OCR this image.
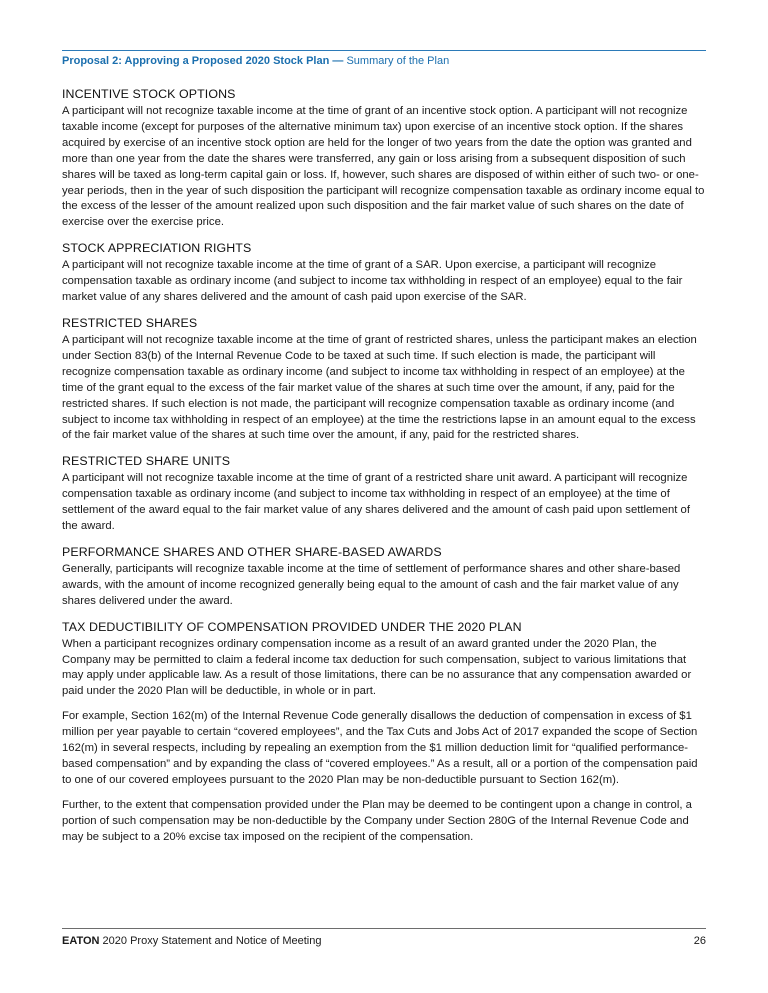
Proposal 2: Approving a Proposed 2020 Stock Plan — Summary of the Plan
INCENTIVE STOCK OPTIONS

A participant will not recognize taxable income at the time of grant of an incentive stock option. A participant will not recognize taxable income (except for purposes of the alternative minimum tax) upon exercise of an incentive stock option. If the shares acquired by exercise of an incentive stock option are held for the longer of two years from the date the option was granted and more than one year from the date the shares were transferred, any gain or loss arising from a subsequent disposition of such shares will be taxed as long-term capital gain or loss. If, however, such shares are disposed of within either of such two- or one-year periods, then in the year of such disposition the participant will recognize compensation taxable as ordinary income equal to the excess of the lesser of the amount realized upon such disposition and the fair market value of such shares on the date of exercise over the exercise price.

STOCK APPRECIATION RIGHTS

A participant will not recognize taxable income at the time of grant of a SAR. Upon exercise, a participant will recognize compensation taxable as ordinary income (and subject to income tax withholding in respect of an employee) equal to the fair market value of any shares delivered and the amount of cash paid upon exercise of the SAR.

RESTRICTED SHARES

A participant will not recognize taxable income at the time of grant of restricted shares, unless the participant makes an election under Section 83(b) of the Internal Revenue Code to be taxed at such time. If such election is made, the participant will recognize compensation taxable as ordinary income (and subject to income tax withholding in respect of an employee) at the time of the grant equal to the excess of the fair market value of the shares at such time over the amount, if any, paid for the restricted shares. If such election is not made, the participant will recognize compensation taxable as ordinary income (and subject to income tax withholding in respect of an employee) at the time the restrictions lapse in an amount equal to the excess of the fair market value of the shares at such time over the amount, if any, paid for the restricted shares.

RESTRICTED SHARE UNITS

A participant will not recognize taxable income at the time of grant of a restricted share unit award. A participant will recognize compensation taxable as ordinary income (and subject to income tax withholding in respect of an employee) at the time of settlement of the award equal to the fair market value of any shares delivered and the amount of cash paid upon settlement of the award.

PERFORMANCE SHARES AND OTHER SHARE-BASED AWARDS

Generally, participants will recognize taxable income at the time of settlement of performance shares and other share-based awards, with the amount of income recognized generally being equal to the amount of cash and the fair market value of any shares delivered under the award.

TAX DEDUCTIBILITY OF COMPENSATION PROVIDED UNDER THE 2020 PLAN

When a participant recognizes ordinary compensation income as a result of an award granted under the 2020 Plan, the Company may be permitted to claim a federal income tax deduction for such compensation, subject to various limitations that may apply under applicable law. As a result of those limitations, there can be no assurance that any compensation awarded or paid under the 2020 Plan will be deductible, in whole or in part.

For example, Section 162(m) of the Internal Revenue Code generally disallows the deduction of compensation in excess of $1 million per year payable to certain “covered employees”, and the Tax Cuts and Jobs Act of 2017 expanded the scope of Section 162(m) in several respects, including by repealing an exemption from the $1 million deduction limit for “qualified performance-based compensation” and by expanding the class of “covered employees.” As a result, all or a portion of the compensation paid to one of our covered employees pursuant to the 2020 Plan may be non-deductible pursuant to Section 162(m).

Further, to the extent that compensation provided under the Plan may be deemed to be contingent upon a change in control, a portion of such compensation may be non-deductible by the Company under Section 280G of the Internal Revenue Code and may be subject to a 20% excise tax imposed on the recipient of the compensation.

EATON 2020 Proxy Statement and Notice of Meeting	26
